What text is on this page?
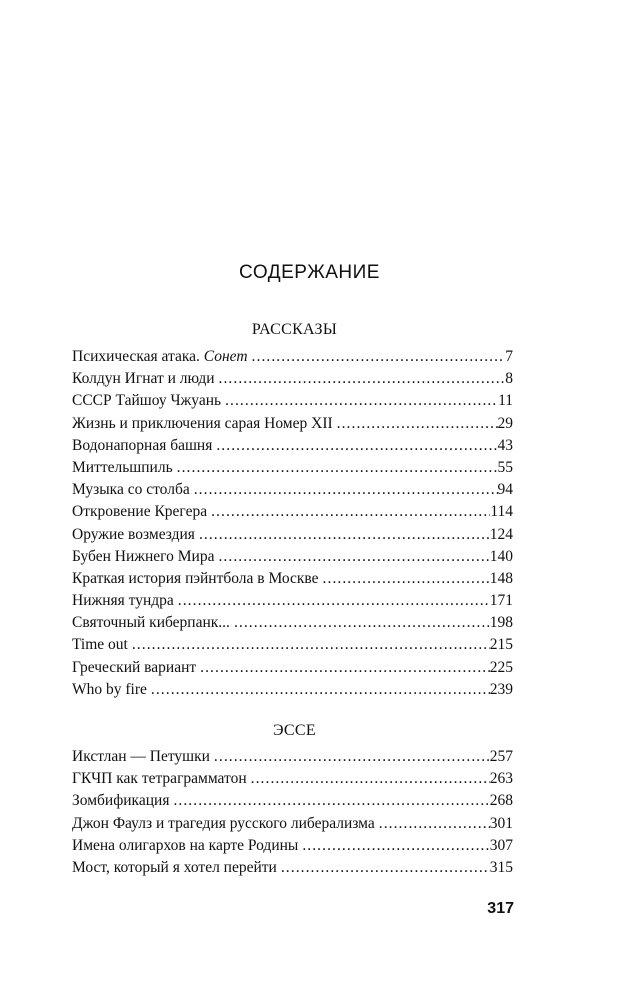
СОДЕРЖАНИЕ
РАССКАЗЫ
Психическая атака. Сонет . . .	7
Колдун Игнат и люди . . .	8
СССР Тайшоу Чжуань . . .	11
Жизнь и приключения сарая Номер XII . . .	29
Водонапорная башня . . .	43
Миттельшпиль . . .	55
Музыка со столба . . .	94
Откровение Крегера . . .	114
Оружие возмездия . . .	124
Бубен Нижнего Мира . . .	140
Краткая история пэйнтбола в Москве . . .	148
Нижняя тундра . . .	171
Святочный киберпанк... . . .	198
Time out . . .	215
Греческий вариант . . .	225
Who by fire . . .	239
ЭССЕ
Икстлан — Петушки . . .	257
ГКЧП как тетраграмматон . . .	263
Зомбификация . . .	268
Джон Фаулз и трагедия русского либерализма . . .	301
Имена олигархов на карте Родины . . .	307
Мост, который я хотел перейти . . .	315
317
